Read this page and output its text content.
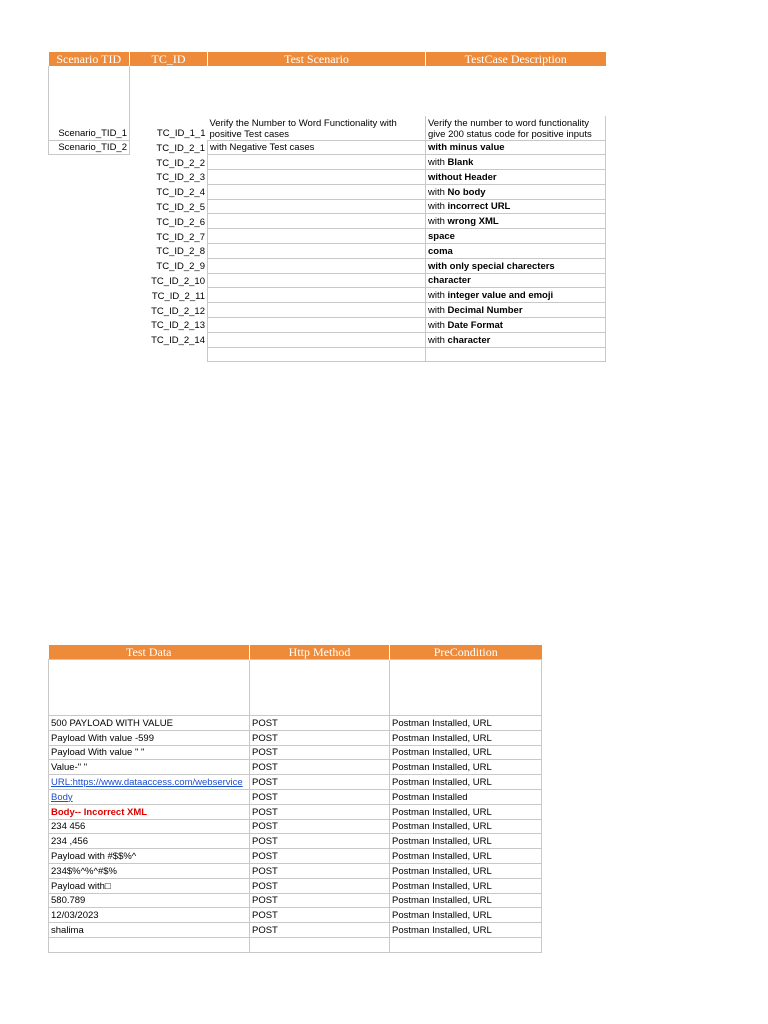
Scenario TID	TC_ID	Test Scenario	TestCase Description

Scenario_TID_1	TC_ID_1_1	Verify the Number to Word Functionality with positive Test cases	Verify the number to word functionality give 200 status code for positive inputs
Scenario_TID_2	TC_ID_2_1	with Negative Test cases	with minus value
	TC_ID_2_2		with Blank
	TC_ID_2_3		without Header
	TC_ID_2_4		with No body
	TC_ID_2_5		with incorrect URL
	TC_ID_2_6		with wrong XML
	TC_ID_2_7		space
	TC_ID_2_8		coma
	TC_ID_2_9		with only special charecters
	TC_ID_2_10		character
	TC_ID_2_11		with integer value and emoji
	TC_ID_2_12		with Decimal Number
	TC_ID_2_13		with Date Format
	TC_ID_2_14		with character

Test Data	Http Method	PreCondition

500 PAYLOAD WITH VALUE	POST	Postman Installed, URL
Payload With value -599	POST	Postman Installed, URL
Payload With value " "	POST	Postman Installed, URL
Value-" "	POST	Postman Installed, URL
URL:https://www.dataaccess.com/webservice	POST	Postman Installed, URL
Body	POST	Postman Installed
Body-- Incorrect XML	POST	Postman Installed, URL
234 456	POST	Postman Installed, URL
234 ,456	POST	Postman Installed, URL
Payload with #$$%^	POST	Postman Installed, URL
234$%^%^#$%	POST	Postman Installed, URL
Payload with□	POST	Postman Installed, URL
580.789	POST	Postman Installed, URL
12/03/2023	POST	Postman Installed, URL
shalima	POST	Postman Installed, URL
